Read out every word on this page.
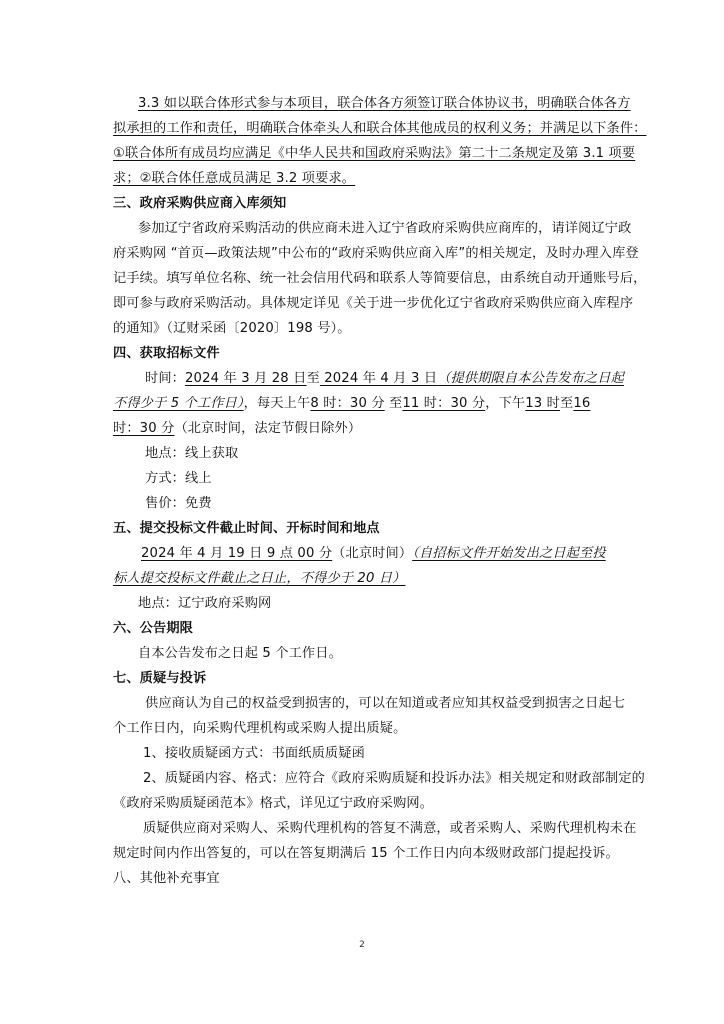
3.3 如以联合体形式参与本项目，联合体各方须签订联合体协议书，明确联合体各方
拟承担的工作和责任，明确联合体牵头人和联合体其他成员的权利义务；并满足以下条件：
①联合体所有成员均应满足《中华人民共和国政府采购法》第二十二条规定及第 3.1 项要
求；②联合体任意成员满足 3.2 项要求。
三、政府采购供应商入库须知
参加辽宁省政府采购活动的供应商未进入辽宁省政府采购供应商库的，请详阅辽宁政
府采购网 “首页—政策法规”中公布的“政府采购供应商入库”的相关规定，及时办理入库登
记手续。填写单位名称、统一社会信用代码和联系人等简要信息，由系统自动开通账号后，
即可参与政府采购活动。具体规定详见《关于进一步优化辽宁省政府采购供应商入库程序
的通知》（辽财采函〔2020〕198 号）。
四、获取招标文件
时间：2024 年 3 月 28 日至 2024 年 4 月 3 日（提供期限自本公告发布之日起
不得少于 5 个工作日），每天上午8 时：30 分 至11 时：30 分，下午13 时至16
时：30 分（北京时间，法定节假日除外）
地点：线上获取
方式：线上
售价：免费
五、提交投标文件截止时间、开标时间和地点
2024 年 4 月 19 日 9 点 00 分（北京时间）（自招标文件开始发出之日起至投
标人提交投标文件截止之日止，不得少于 20 日）
地点：辽宁政府采购网
六、公告期限
自本公告发布之日起 5 个工作日。
七、质疑与投诉
供应商认为自己的权益受到损害的，可以在知道或者应知其权益受到损害之日起七
个工作日内，向采购代理机构或采购人提出质疑。
1、接收质疑函方式：书面纸质质疑函
2、质疑函内容、格式：应符合《政府采购质疑和投诉办法》相关规定和财政部制定的
《政府采购质疑函范本》格式，详见辽宁政府采购网。
质疑供应商对采购人、采购代理机构的答复不满意，或者采购人、采购代理机构未在
规定时间内作出答复的，可以在答复期满后 15 个工作日内向本级财政部门提起投诉。
八、其他补充事宜
2
